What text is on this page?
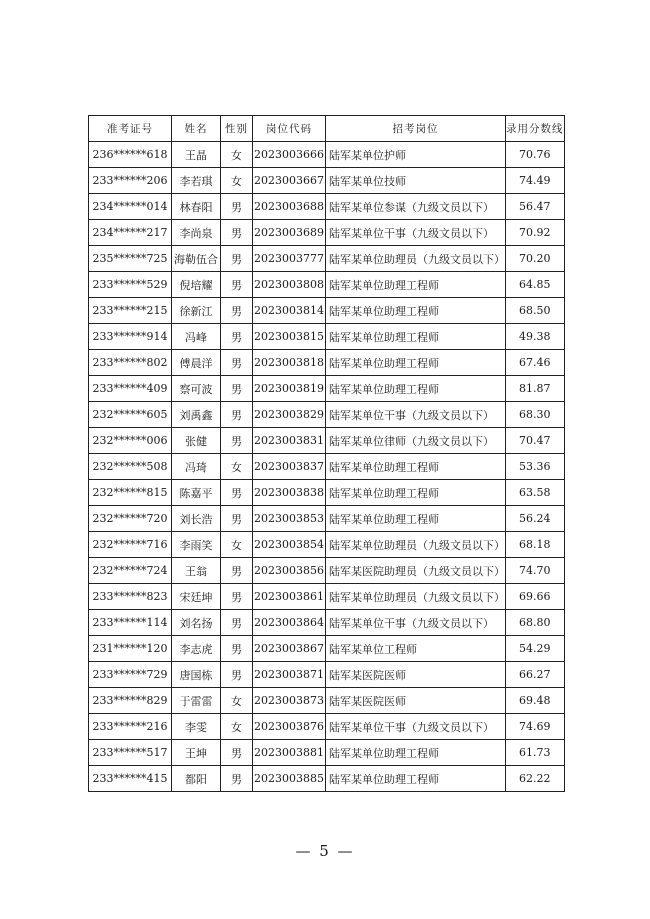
准考证号	姓名	性别	岗位代码	招考岗位	录用分数线
236******618	王晶	女	2023003666	陆军某单位护师	70.76
233******206	李若琪	女	2023003667	陆军某单位技师	74.49
234******014	林春阳	男	2023003688	陆军某单位参谋（九级文员以下）	56.47
234******217	李尚泉	男	2023003689	陆军某单位干事（九级文员以下）	70.92
235******725	海勒伍合	男	2023003777	陆军某单位助理员（九级文员以下）	70.20
233******529	倪培耀	男	2023003808	陆军某单位助理工程师	64.85
233******215	徐新江	男	2023003814	陆军某单位助理工程师	68.50
233******914	冯峰	男	2023003815	陆军某单位助理工程师	49.38
233******802	傅晨洋	男	2023003818	陆军某单位助理工程师	67.46
233******409	察可波	男	2023003819	陆军某单位助理工程师	81.87
232******605	刘禹鑫	男	2023003829	陆军某单位干事（九级文员以下）	68.30
232******006	张健	男	2023003831	陆军某单位律师（九级文员以下）	70.47
232******508	冯琦	女	2023003837	陆军某单位助理工程师	53.36
232******815	陈嘉平	男	2023003838	陆军某单位助理工程师	63.58
232******720	刘长浩	男	2023003853	陆军某单位助理工程师	56.24
232******716	李雨笑	女	2023003854	陆军某单位助理员（九级文员以下）	68.18
232******724	王翁	男	2023003856	陆军某医院助理员（九级文员以下）	74.70
233******823	宋廷坤	男	2023003861	陆军某单位助理员（九级文员以下）	69.66
233******114	刘名扬	男	2023003864	陆军某单位干事（九级文员以下）	68.80
231******120	李志虎	男	2023003867	陆军某单位工程师	54.29
233******729	唐国栋	男	2023003871	陆军某医院医师	66.27
233******829	于雷雷	女	2023003873	陆军某医院医师	69.48
233******216	李雯	女	2023003876	陆军某单位干事（九级文员以下）	74.69
233******517	王坤	男	2023003881	陆军某单位助理工程师	61.73
233******415	都阳	男	2023003885	陆军某单位助理工程师	62.22
— 5 —
